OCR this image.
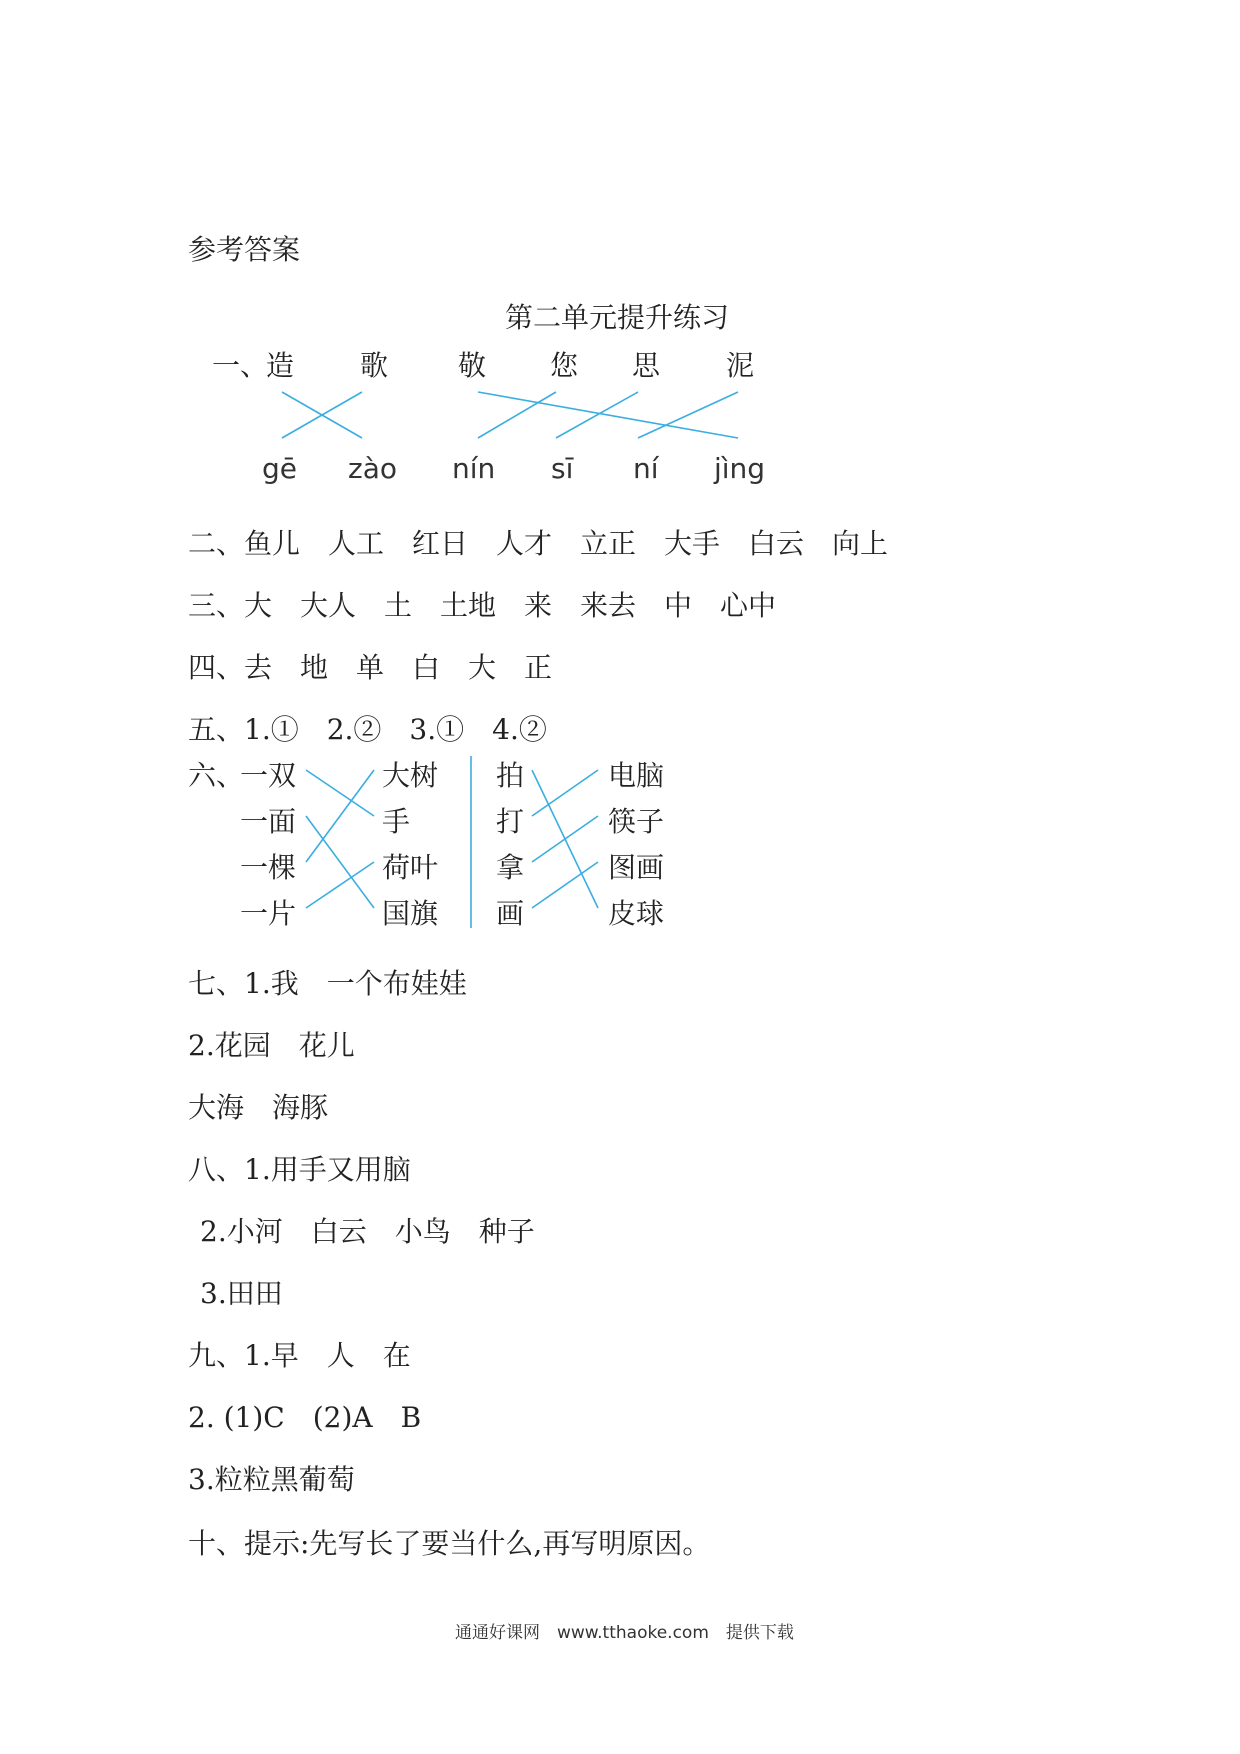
参考答案
第二单元提升练习
一、
造 歌 敬 您 思 泥
gē zào nín sī ní jìng
二、鱼儿　人工　红日　人才　立正　大手　白云　向上
三、大　大人　土　土地　来　来去　中　心中
四、去　地　单　白　大　正
五、1.①　2.②　3.①　4.②
六、
一双
一面
一棵
一片
大树
手
荷叶
国旗
拍
打
拿
画
电脑
筷子
图画
皮球
七、1.我　一个布娃娃
2.花园　花儿
大海　海豚
八、1.用手又用脑
2.小河　白云　小鸟　种子
3.田田
九、1.早　人　在
2. (1)C　(2)A　B
3.粒粒黑葡萄
十、提示:先写长了要当什么,再写明原因。
通通好课网　www.tthaoke.com　提供下载
